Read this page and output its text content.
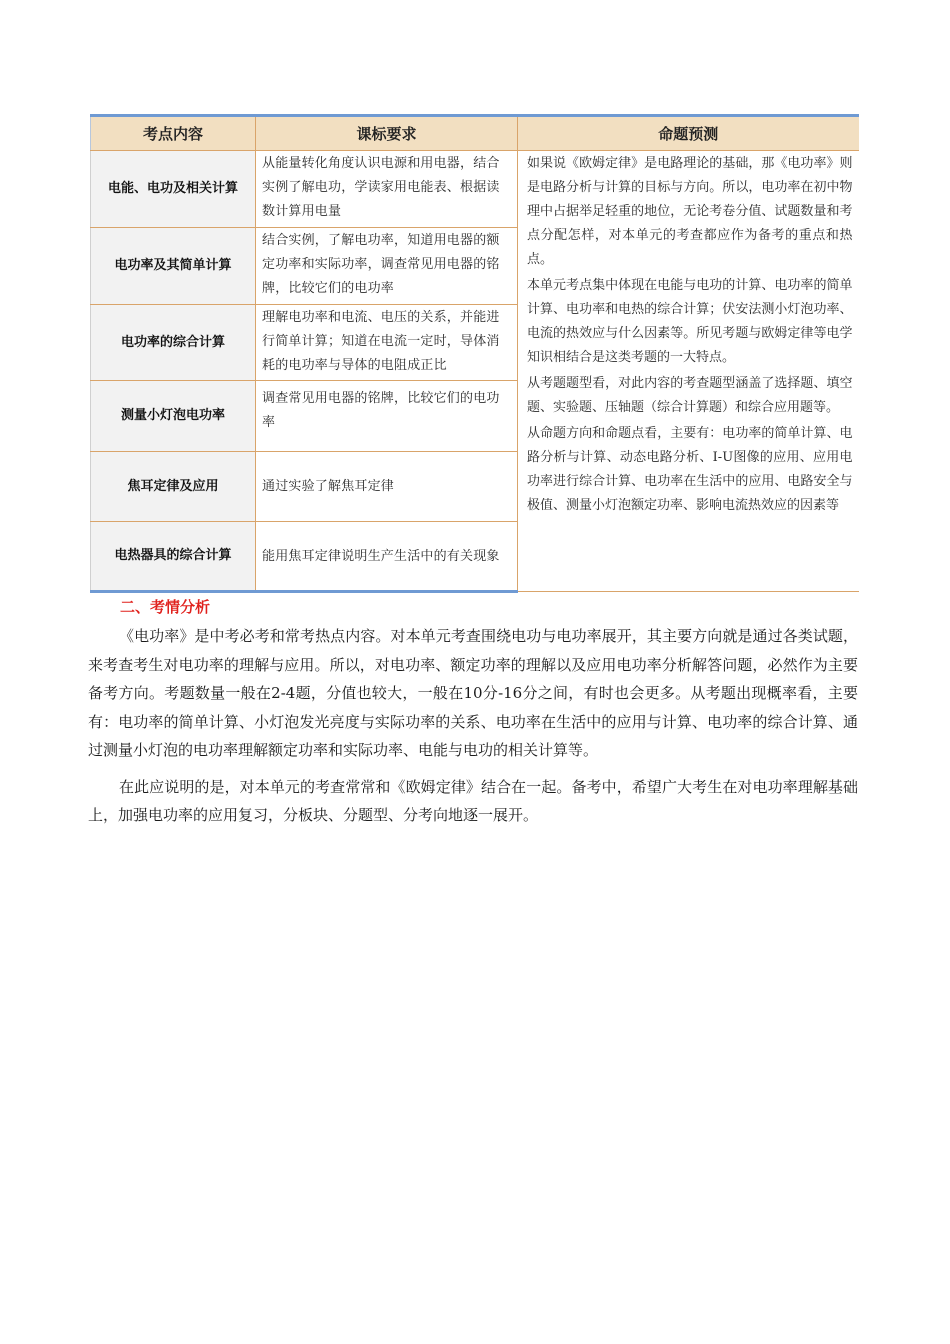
考点内容	课标要求	命题预测
电能、电功及相关计算	从能量转化角度认识电源和用电器，结合实例了解电功，学读家用电能表、根据读数计算用电量	如果说《欧姆定律》是电路理论的基础，那《电功率》则是电路分析与计算的目标与方向。所以，电功率在初中物理中占据举足轻重的地位，无论考卷分值、试题数量和考点分配怎样，对本单元的考查都应作为备考的重点和热点。

本单元考点集中体现在电能与电功的计算、电功率的简单计算、电功率和电热的综合计算；伏安法测小灯泡功率、电流的热效应与什么因素等。所见考题与欧姆定律等电学知识相结合是这类考题的一大特点。

从考题题型看，对此内容的考查题型涵盖了选择题、填空题、实验题、压轴题（综合计算题）和综合应用题等。

从命题方向和命题点看，主要有：电功率的简单计算、电路分析与计算、动态电路分析、I-U图像的应用、应用电功率进行综合计算、电功率在生活中的应用、电路安全与极值、测量小灯泡额定功率、影响电流热效应的因素等

电功率及其简单计算	结合实例，了解电功率，知道用电器的额定功率和实际功率，调查常见用电器的铭牌，比较它们的电功率	
电功率的综合计算	理解电功率和电流、电压的关系，并能进行简单计算；知道在电流一定时，导体消耗的电功率与导体的电阻成正比	
测量小灯泡电功率	调查常见用电器的铭牌，比较它们的电功率	
焦耳定律及应用	通过实验了解焦耳定律	
电热器具的综合计算	能用焦耳定律说明生产生活中的有关现象	
二、考情分析

《电功率》是中考必考和常考热点内容。对本单元考查围绕电功与电功率展开，其主要方向就是通过各类试题，来考查考生对电功率的理解与应用。所以，对电功率、额定功率的理解以及应用电功率分析解答问题，必然作为主要备考方向。考题数量一般在2-4题，分值也较大，一般在10分-16分之间，有时也会更多。从考题出现概率看，主要有：电功率的简单计算、小灯泡发光亮度与实际功率的关系、电功率在生活中的应用与计算、电功率的综合计算、通过测量小灯泡的电功率理解额定功率和实际功率、电能与电功的相关计算等。

在此应说明的是，对本单元的考查常常和《欧姆定律》结合在一起。备考中，希望广大考生在对电功率理解基础上，加强电功率的应用复习，分板块、分题型、分考向地逐一展开。
